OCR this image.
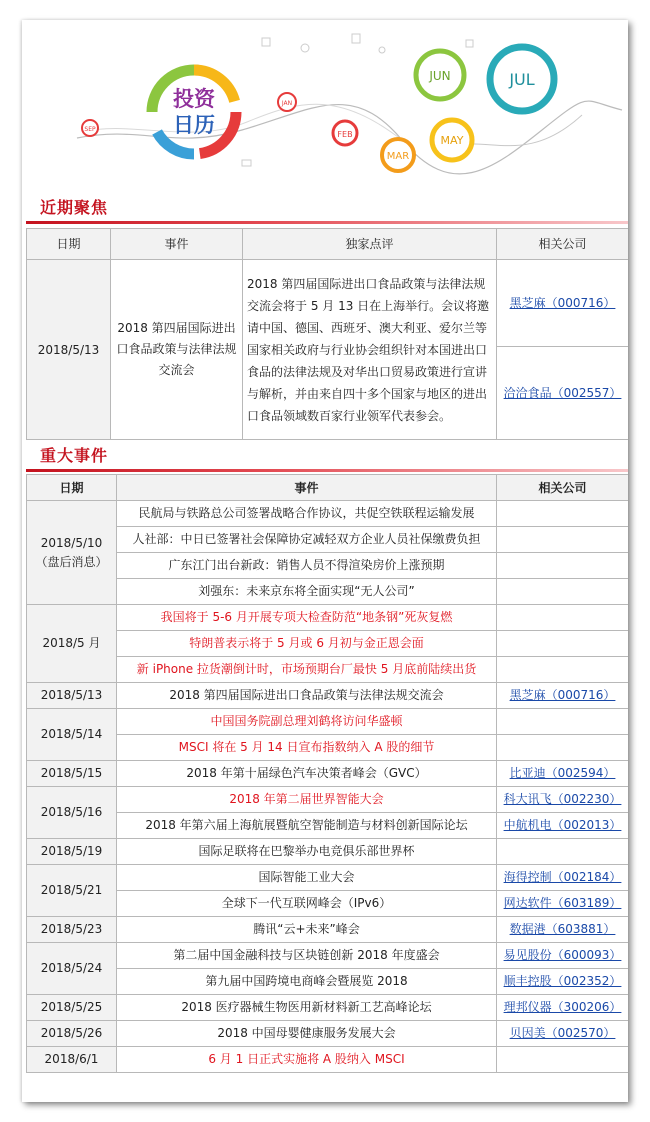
投资
日历
SEP
JAN
FEB
MAR
MAY
JUN	JUL
近期聚焦
日期	事件	独家点评	相关公司
2018/5/13	2018 第四届国际进出口食品政策与法律法规交流会	2018 第四届国际进出口食品政策与法律法规交流会将于 5 月 13 日在上海举行。会议将邀请中国、德国、西班牙、澳大利亚、爱尔兰等国家相关政府与行业协会组织针对本国进出口食品的法律法规及对华出口贸易政策进行宣讲与解析，并由来自四十多个国家与地区的进出口食品领域数百家行业领军代表参会。	黑芝麻（000716）
			洽洽食品（002557）
重大事件
日期	事件	相关公司

2018/5/10
（盘后消息）	民航局与铁路总公司签署战略合作协议，共促空铁联程运输发展	
	人社部：中日已签署社会保障协定减轻双方企业人员社保缴费负担	
	广东江门出台新政：销售人员不得渲染房价上涨预期	
	刘强东：未来京东将全面实现“无人公司”	

2018/5 月	我国将于 5-6 月开展专项大检查防范“地条钢”死灰复燃	
	特朗普表示将于 5 月或 6 月初与金正恩会面	
	新 iPhone 拉货潮倒计时，市场预期台厂最快 5 月底前陆续出货	

2018/5/13	2018 第四届国际进出口食品政策与法律法规交流会	黑芝麻（000716）

2018/5/14	中国国务院副总理刘鹤将访问华盛顿	
	MSCI 将在 5 月 14 日宣布指数纳入 A 股的细节	

2018/5/15	2018 年第十届绿色汽车决策者峰会（GVC）	比亚迪（002594）

2018/5/16	2018 年第二届世界智能大会	科大讯飞（002230）
	2018 年第六届上海航展暨航空智能制造与材料创新国际论坛	中航机电（002013）

2018/5/19	国际足联将在巴黎举办电竞俱乐部世界杯	

2018/5/21	国际智能工业大会	海得控制（002184）
	全球下一代互联网峰会（IPv6）	网达软件（603189）

2018/5/23	腾讯“云+未来”峰会	数据港（603881）

2018/5/24	第二届中国金融科技与区块链创新 2018 年度盛会	易见股份（600093）
	第九届中国跨境电商峰会暨展览 2018	顺丰控股（002352）

2018/5/25	2018 医疗器械生物医用新材料新工艺高峰论坛	理邦仪器（300206）

2018/5/26	2018 中国母婴健康服务发展大会	贝因美（002570）

2018/6/1	6 月 1 日正式实施将 A 股纳入 MSCI	
